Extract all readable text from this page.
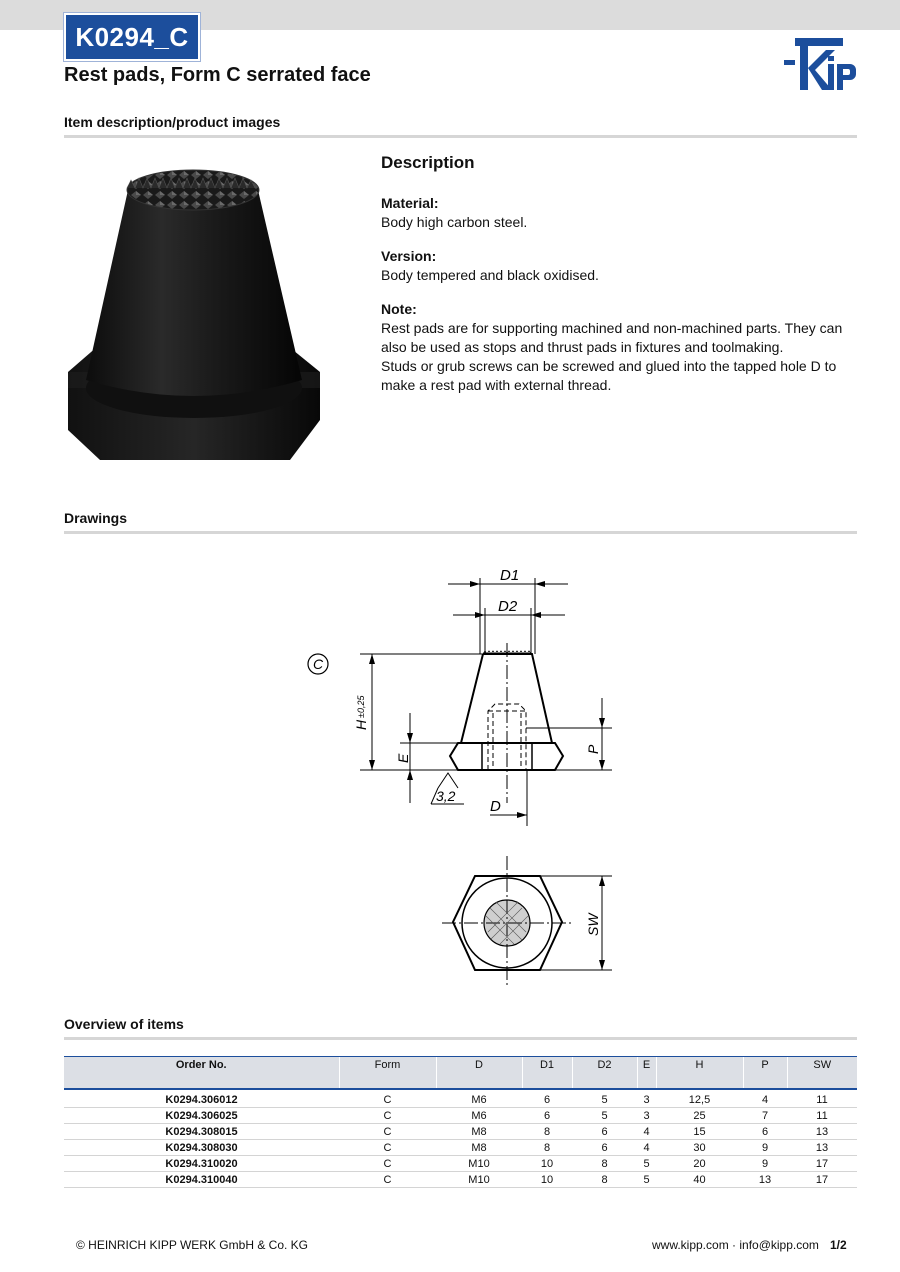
K0294_C
Rest pads, Form C serrated face
Item description/product images
Description
Material:

Body high carbon steel.

Version:

Body tempered and black oxidised.

Note:
Rest pads are for supporting machined and non-machined parts. They can also be used as stops and thrust pads in fixtures and toolmaking.
Studs or grub screws can be screwed and glued into the tapped hole D to make a rest pad with external thread.
Drawings
C
D1
D2
H
±0,25
E
P
D
3,2
SW
Overview of items
Order No.	Form	D	D1	D2	E	H	P	SW
K0294.306012	C	M6	6	5	3	12,5	4	11
K0294.306025	C	M6	6	5	3	25	7	11
K0294.308015	C	M8	8	6	4	15	6	13
K0294.308030	C	M8	8	6	4	30	9	13
K0294.310020	C	M10	10	8	5	20	9	17
K0294.310040	C	M10	10	8	5	40	13	17
© HEINRICH KIPP WERK GmbH & Co. KG	www.kipp.com · info@kipp.com 1/2
